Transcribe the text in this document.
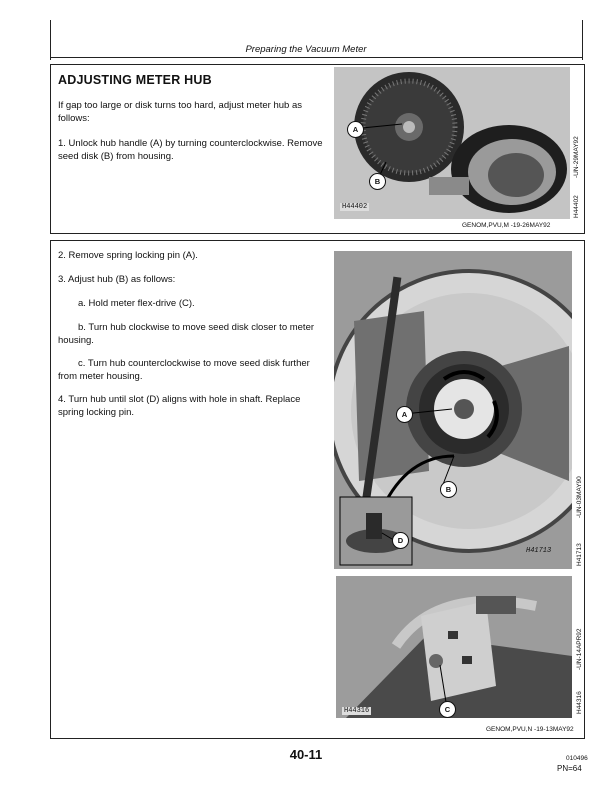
Preparing the Vacuum Meter
ADJUSTING METER HUB
If gap too large or disk turns too hard, adjust meter hub as follows:
1. Unlock hub handle (A) by turning counterclockwise. Remove seed disk (B) from housing.
A
B
H44402
-UN-29MAY92
H44402
GENOM,PVU,M -19-26MAY92
2. Remove spring locking pin (A).
3. Adjust hub (B) as follows:
a. Hold meter flex-drive (C).
b. Turn hub clockwise to move seed disk closer to meter housing.
c. Turn hub counterclockwise to move seed disk further from meter housing.
4. Turn hub until slot (D) aligns with hole in shaft. Replace spring locking pin.	A
B
D
H41713
-UN-03MAY90
H41713
C
H44316
-UN-14APR92
H44316
GENOM,PVU,N -19-13MAY92
40-11	010496
PN=64
